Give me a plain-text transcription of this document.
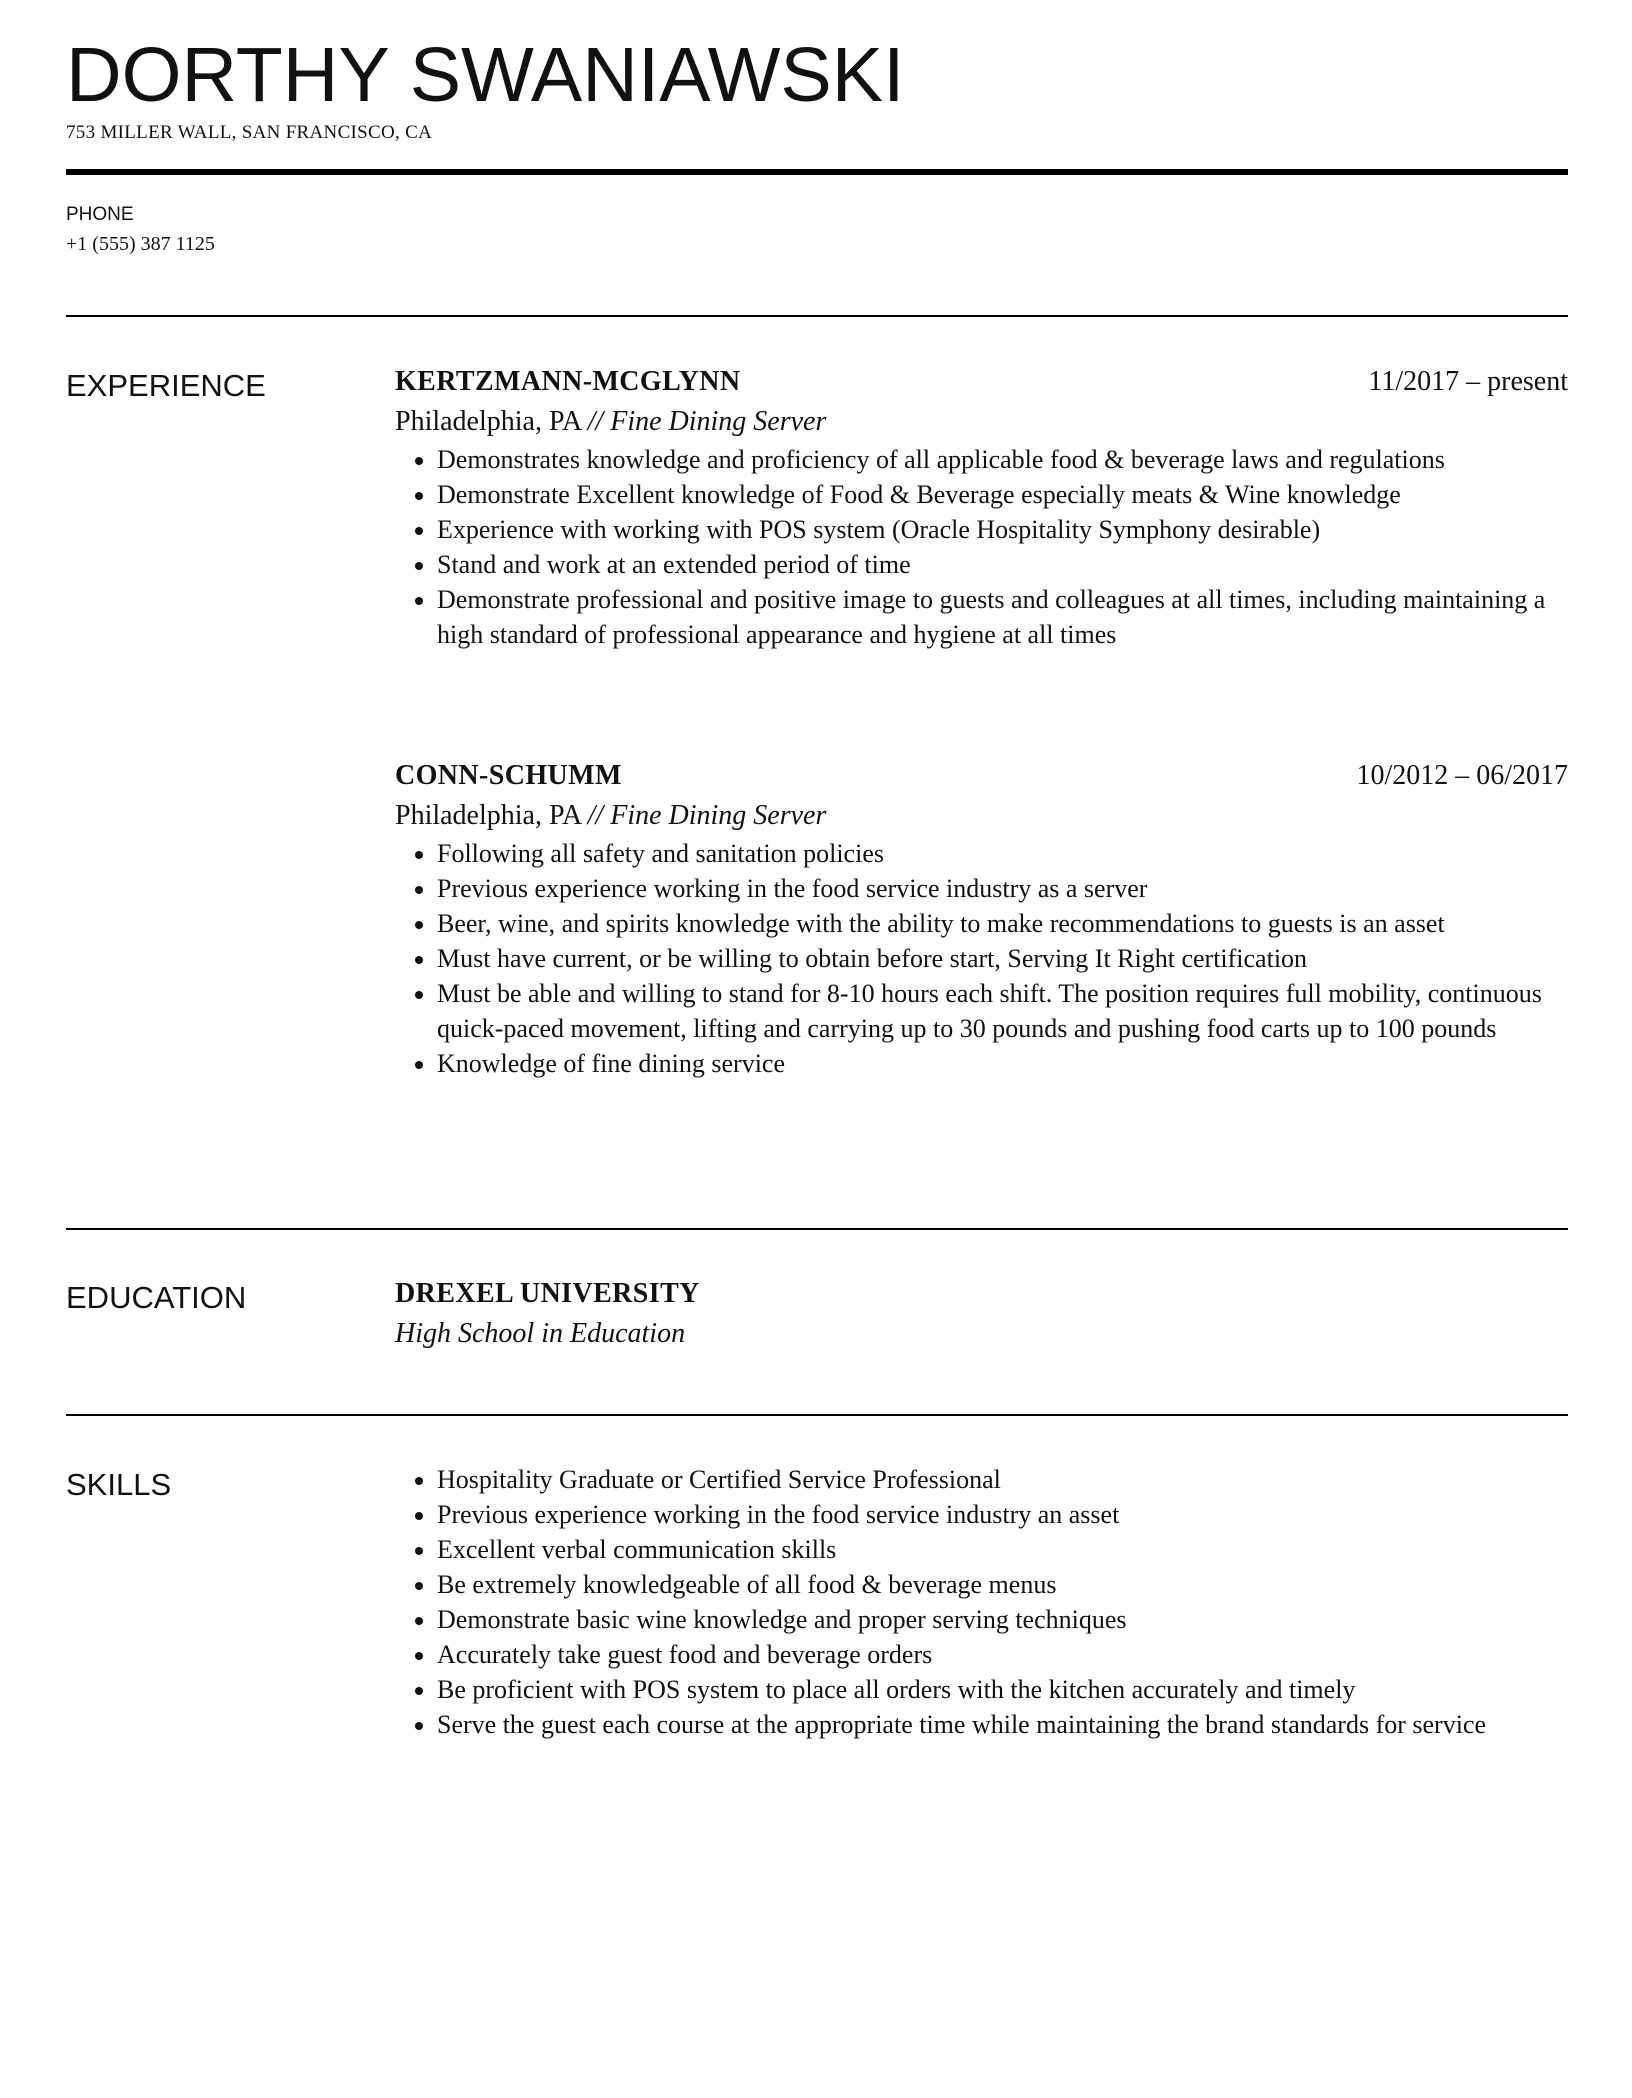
DORTHY SWANIAWSKI
753 MILLER WALL, SAN FRANCISCO, CA
PHONE
+1 (555) 387 1125
EXPERIENCE	KERTZMANN-MCGLYNN	11/2017 – present
Philadelphia, PA // Fine Dining Server
• Demonstrates knowledge and proficiency of all applicable food & beverage laws and regulations
• Demonstrate Excellent knowledge of Food & Beverage especially meats & Wine knowledge
• Experience with working with POS system (Oracle Hospitality Symphony desirable)
• Stand and work at an extended period of time
• Demonstrate professional and positive image to guests and colleagues at all times, including maintaining a high standard of professional appearance and hygiene at all times
CONN-SCHUMM	10/2012 – 06/2017
Philadelphia, PA // Fine Dining Server
• Following all safety and sanitation policies
• Previous experience working in the food service industry as a server
• Beer, wine, and spirits knowledge with the ability to make recommendations to guests is an asset
• Must have current, or be willing to obtain before start, Serving It Right certification
• Must be able and willing to stand for 8-10 hours each shift. The position requires full mobility, continuous quick-paced movement, lifting and carrying up to 30 pounds and pushing food carts up to 100 pounds
• Knowledge of fine dining service
EDUCATION	DREXEL UNIVERSITY
High School in Education
SKILLS
•	Hospitality Graduate or Certified Service Professional
• Previous experience working in the food service industry an asset
• Excellent verbal communication skills
• Be extremely knowledgeable of all food & beverage menus
• Demonstrate basic wine knowledge and proper serving techniques
• Accurately take guest food and beverage orders
• Be proficient with POS system to place all orders with the kitchen accurately and timely
• Serve the guest each course at the appropriate time while maintaining the brand standards for service
